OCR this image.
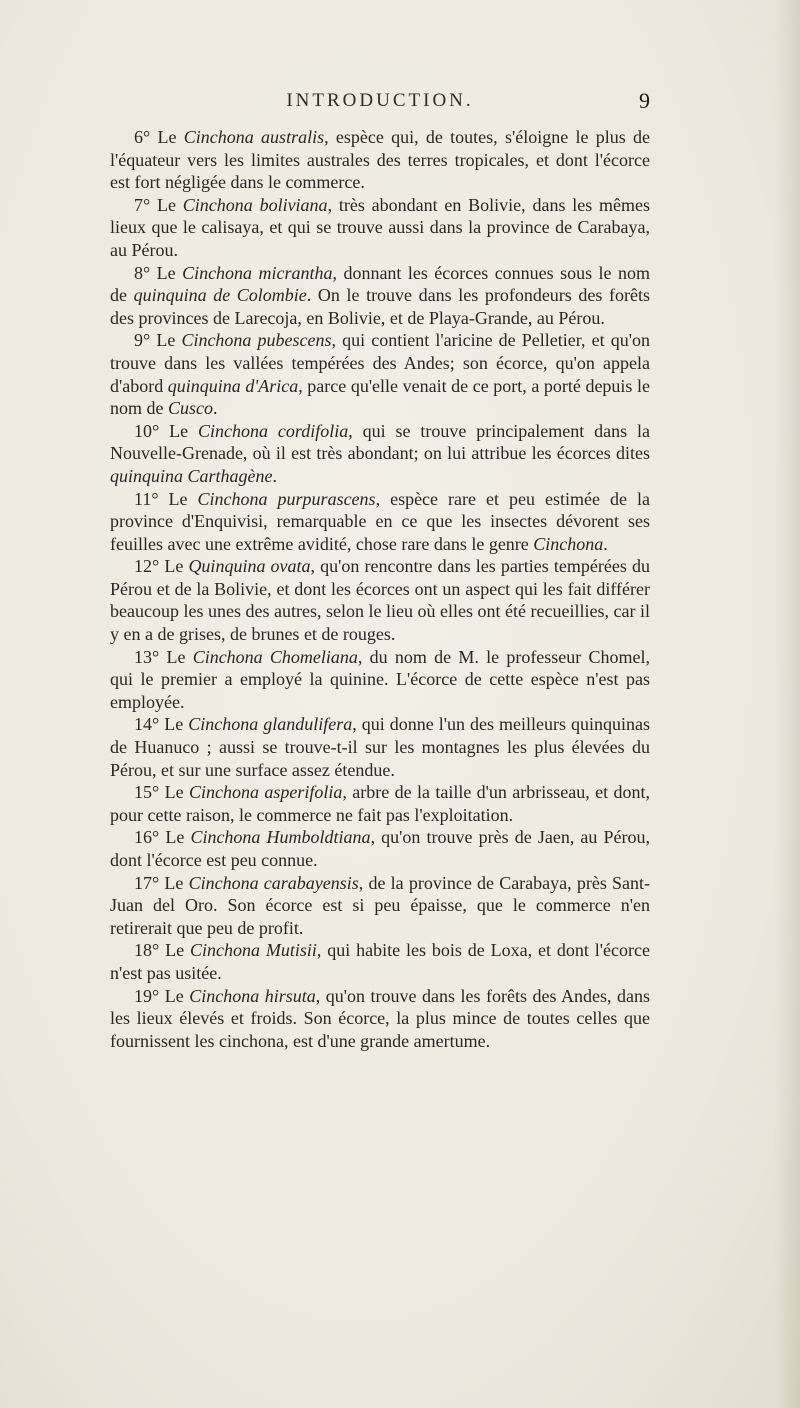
INTRODUCTION.	9

6° Le Cinchona australis, espèce qui, de toutes, s'éloigne le plus de l'équateur vers les limites australes des terres tropicales, et dont l'écorce est fort négligée dans le commerce.

7° Le Cinchona boliviana, très abondant en Bolivie, dans les mêmes lieux que le calisaya, et qui se trouve aussi dans la province de Carabaya, au Pérou.

8° Le Cinchona micrantha, donnant les écorces connues sous le nom de quinquina de Colombie. On le trouve dans les profondeurs des forêts des provinces de Larecoja, en Bolivie, et de Playa-Grande, au Pérou.

9° Le Cinchona pubescens, qui contient l'aricine de Pelletier, et qu'on trouve dans les vallées tempérées des Andes; son écorce, qu'on appela d'abord quinquina d'Arica, parce qu'elle venait de ce port, a porté depuis le nom de Cusco.

10° Le Cinchona cordifolia, qui se trouve principalement dans la Nouvelle-Grenade, où il est très abondant; on lui attribue les écorces dites quinquina Carthagène.

11° Le Cinchona purpurascens, espèce rare et peu estimée de la province d'Enquivisi, remarquable en ce que les insectes dévorent ses feuilles avec une extrême avidité, chose rare dans le genre Cinchona.

12° Le Quinquina ovata, qu'on rencontre dans les parties tempérées du Pérou et de la Bolivie, et dont les écorces ont un aspect qui les fait différer beaucoup les unes des autres, selon le lieu où elles ont été recueillies, car il y en a de grises, de brunes et de rouges.

13° Le Cinchona Chomeliana, du nom de M. le professeur Chomel, qui le premier a employé la quinine. L'écorce de cette espèce n'est pas employée.

14° Le Cinchona glandulifera, qui donne l'un des meilleurs quinquinas de Huanuco ; aussi se trouve-t-il sur les montagnes les plus élevées du Pérou, et sur une surface assez étendue.

15° Le Cinchona asperifolia, arbre de la taille d'un arbrisseau, et dont, pour cette raison, le commerce ne fait pas l'exploitation.

16° Le Cinchona Humboldtiana, qu'on trouve près de Jaen, au Pérou, dont l'écorce est peu connue.

17° Le Cinchona carabayensis, de la province de Carabaya, près Sant-Juan del Oro. Son écorce est si peu épaisse, que le commerce n'en retirerait que peu de profit.

18° Le Cinchona Mutisii, qui habite les bois de Loxa, et dont l'écorce n'est pas usitée.

19° Le Cinchona hirsuta, qu'on trouve dans les forêts des Andes, dans les lieux élevés et froids. Son écorce, la plus mince de toutes celles que fournissent les cinchona, est d'une grande amertume.
